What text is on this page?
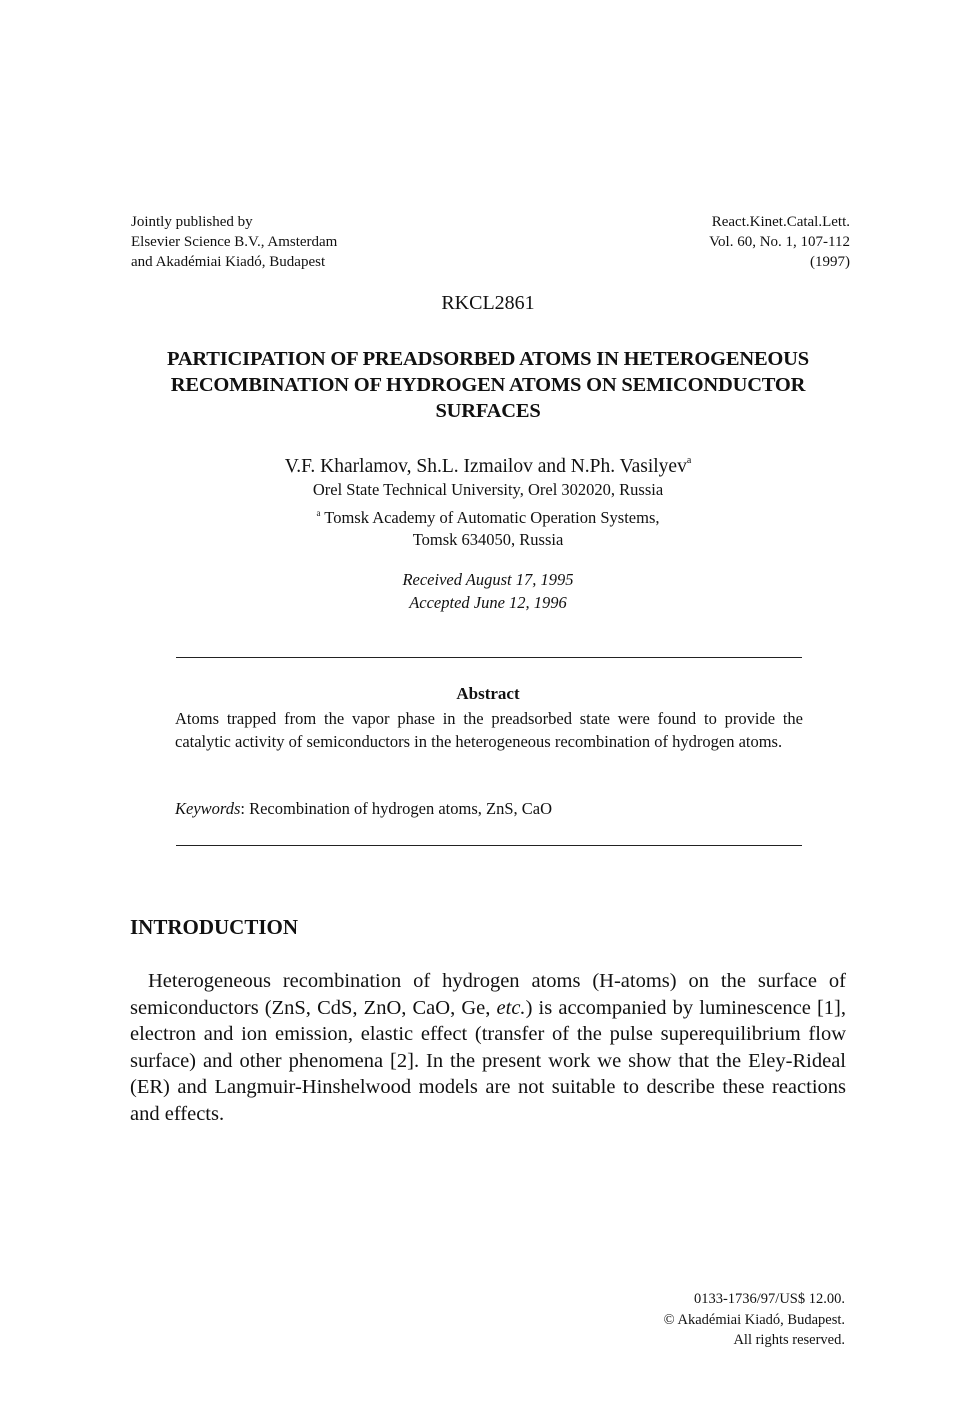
Jointly published by
Elsevier Science B.V., Amsterdam
and Akadémiai Kiadó, Budapest
React.Kinet.Catal.Lett.
Vol. 60, No. 1, 107-112
(1997)
RKCL2861
PARTICIPATION OF PREADSORBED ATOMS IN HETEROGENEOUS
RECOMBINATION OF HYDROGEN ATOMS ON SEMICONDUCTOR
SURFACES
V.F. Kharlamov, Sh.L. Izmailov and N.Ph. Vasilyev$^a$
Orel State Technical University, Orel 302020, Russia
$^a$ Tomsk Academy of Automatic Operation Systems,
Tomsk 634050, Russia
Received August 17, 1995
Accepted June 12, 1996
Abstract
Atoms trapped from the vapor phase in the preadsorbed state were found to provide the catalytic activity of semiconductors in the heterogeneous recombination of hydrogen atoms.
Keywords: Recombination of hydrogen atoms, ZnS, CaO
INTRODUCTION
Heterogeneous recombination of hydrogen atoms (H-atoms) on the surface of semiconductors (ZnS, CdS, ZnO, CaO, Ge, etc.) is accompanied by luminescence [1], electron and ion emission, elastic effect (transfer of the pulse superequilibrium flow surface) and other phenomena [2]. In the present work we show that the Eley-Rideal (ER) and Langmuir-Hinshelwood models are not suitable to describe these reactions and effects.
0133-1736/97/US$ 12.00.
© Akadémiai Kiadó, Budapest.
All rights reserved.
